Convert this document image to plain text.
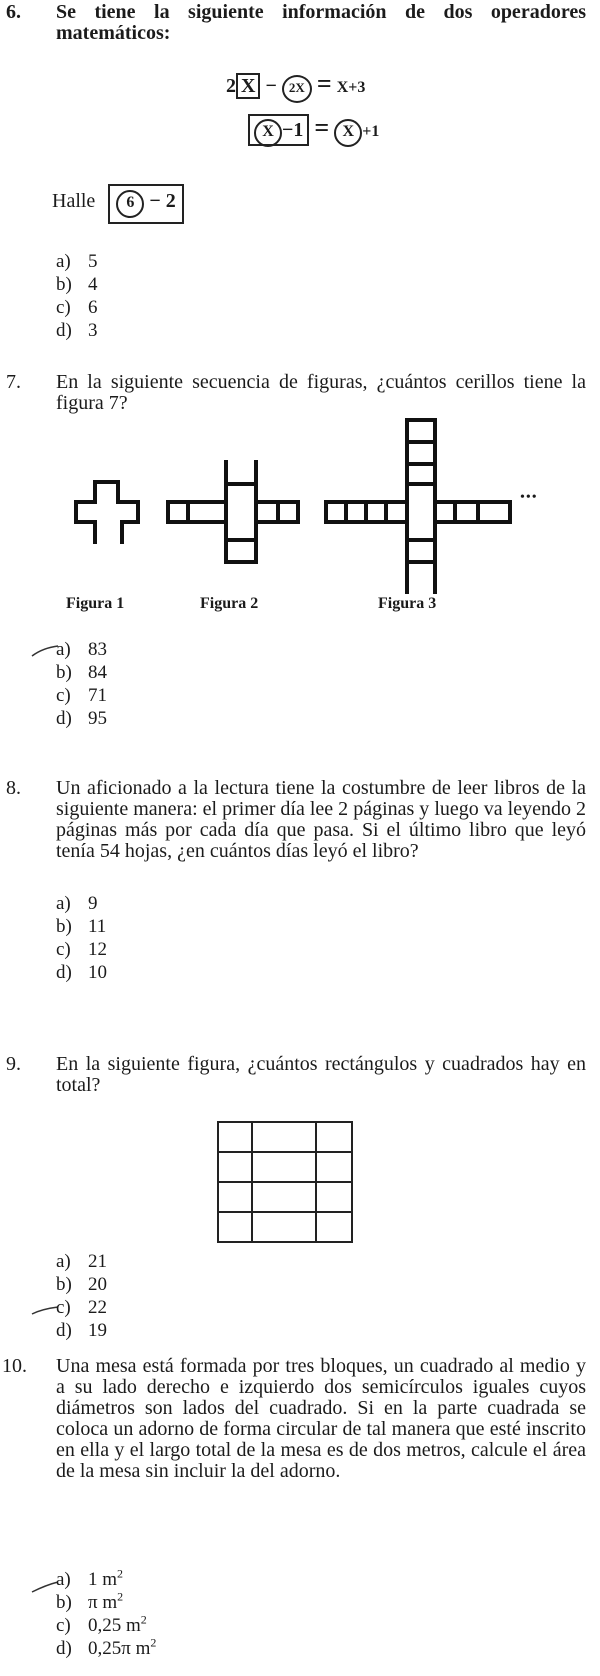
6. Se tiene la siguiente información de dos operadores matemáticos:
2 X − 2X = X+3
X −1 = X +1
Halle 6 − 2
a) 5
b) 4
c) 6
d) 3
7. En la siguiente secuencia de figuras, ¿cuántos cerillos tiene la figura 7?
•••
Figura 1	Figura 2	Figura 3
a) 83
b) 84
c) 71
d) 95
8. Un aficionado a la lectura tiene la costumbre de leer libros de la siguiente manera: el primer día lee 2 páginas y luego va leyendo 2 páginas más por cada día que pasa. Si el último libro que leyó tenía 54 hojas, ¿en cuántos días leyó el libro?
a) 9
b) 11
c) 12
d) 10
9. En la siguiente figura, ¿cuántos rectángulos y cuadrados hay en total?
a) 21
b) 20
c) 22
d) 19
10. Una mesa está formada por tres bloques, un cuadrado al medio y a su lado derecho e izquierdo dos semicírculos iguales cuyos diámetros son lados del cuadrado. Si en la parte cuadrada se coloca un adorno de forma circular de tal manera que esté inscrito en ella y el largo total de la mesa es de dos metros, calcule el área de la mesa sin incluir la del adorno.
a) 1 $m^2$
b) π $m^2$
c) 0,25 $m^2$
d) 0,25π $m^2$
